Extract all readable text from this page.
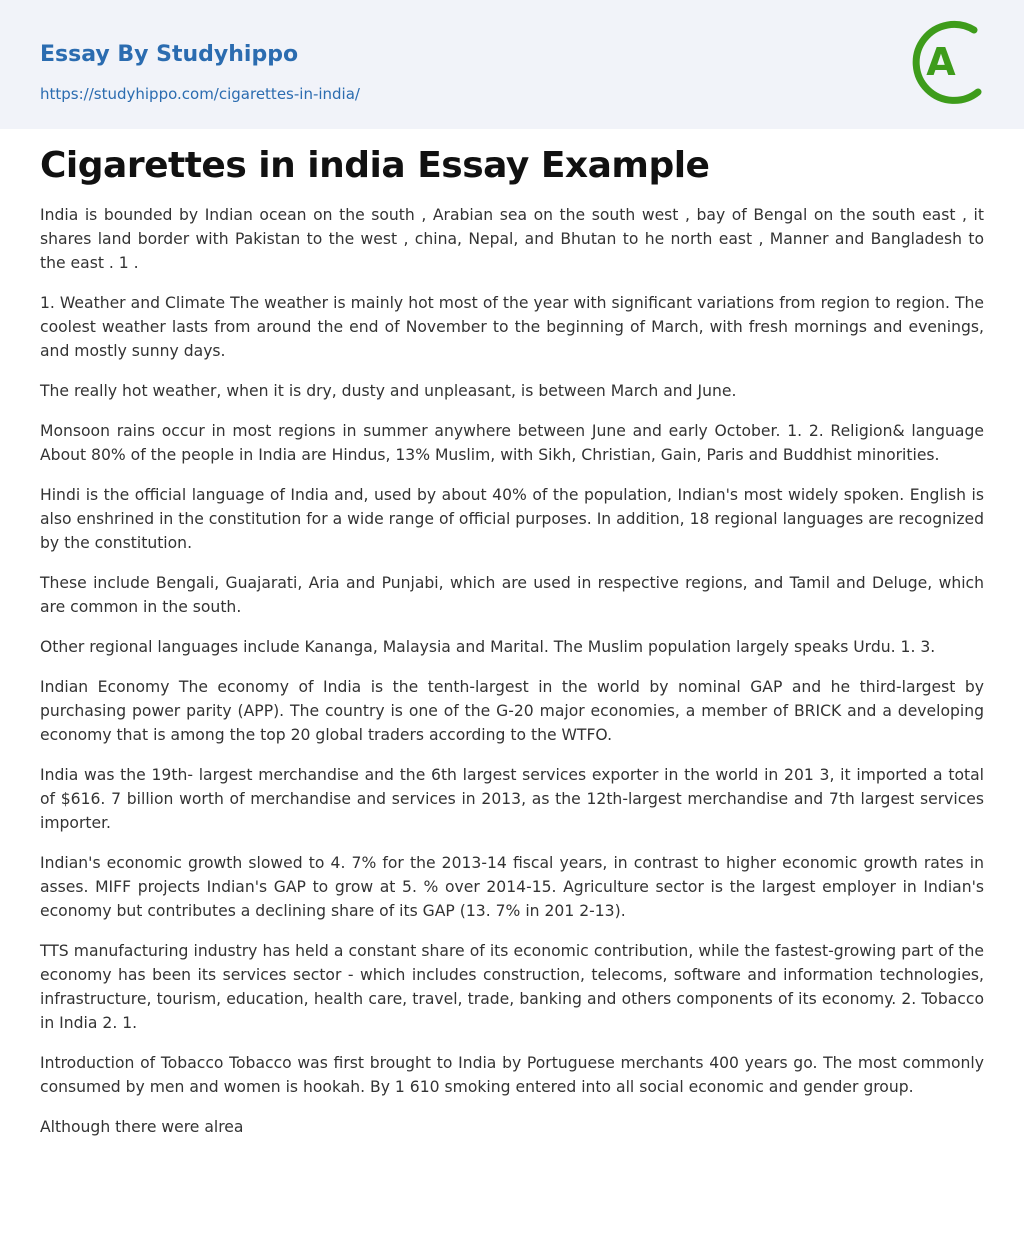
Essay By Studyhippo
https://studyhippo.com/cigarettes-in-india/
A
Cigarettes in india Essay Example

India is bounded by Indian ocean on the south , Arabian sea on the south west , bay of Bengal on the south east , it shares land border with Pakistan to the west , china, Nepal, and Bhutan to he north east , Manner and Bangladesh to the east . 1 .

1. Weather and Climate The weather is mainly hot most of the year with significant variations from region to region. The coolest weather lasts from around the end of November to the beginning of March, with fresh mornings and evenings, and mostly sunny days.

The really hot weather, when it is dry, dusty and unpleasant, is between March and June.

Monsoon rains occur in most regions in summer anywhere between June and early October. 1. 2. Religion& language About 80% of the people in India are Hindus, 13% Muslim, with Sikh, Christian, Gain, Paris and Buddhist minorities.

Hindi is the official language of India and, used by about 40% of the population, Indian's most widely spoken. English is also enshrined in the constitution for a wide range of official purposes. In addition, 18 regional languages are recognized by the constitution.

These include Bengali, Guajarati, Aria and Punjabi, which are used in respective regions, and Tamil and Deluge, which are common in the south.

Other regional languages include Kananga, Malaysia and Marital. The Muslim population largely speaks Urdu. 1. 3.

Indian Economy The economy of India is the tenth-largest in the world by nominal GAP and he third-largest by purchasing power parity (APP). The country is one of the G-20 major economies, a member of BRICK and a developing economy that is among the top 20 global traders according to the WTFO.

India was the 19th- largest merchandise and the 6th largest services exporter in the world in 201 3, it imported a total of $616. 7 billion worth of merchandise and services in 2013, as the 12th-largest merchandise and 7th largest services importer.

Indian's economic growth slowed to 4. 7% for the 2013-14 fiscal years, in contrast to higher economic growth rates in asses. MIFF projects Indian's GAP to grow at 5. % over 2014-15. Agriculture sector is the largest employer in Indian's economy but contributes a declining share of its GAP (13. 7% in 201 2-13).

TTS manufacturing industry has held a constant share of its economic contribution, while the fastest-growing part of the economy has been its services sector - which includes construction, telecoms, software and information technologies, infrastructure, tourism, education, health care, travel, trade, banking and others components of its economy. 2. Tobacco in India 2. 1.

Introduction of Tobacco Tobacco was first brought to India by Portuguese merchants 400 years go. The most commonly consumed by men and women is hookah. By 1 610 smoking entered into all social economic and gender group.

Although there were alrea
